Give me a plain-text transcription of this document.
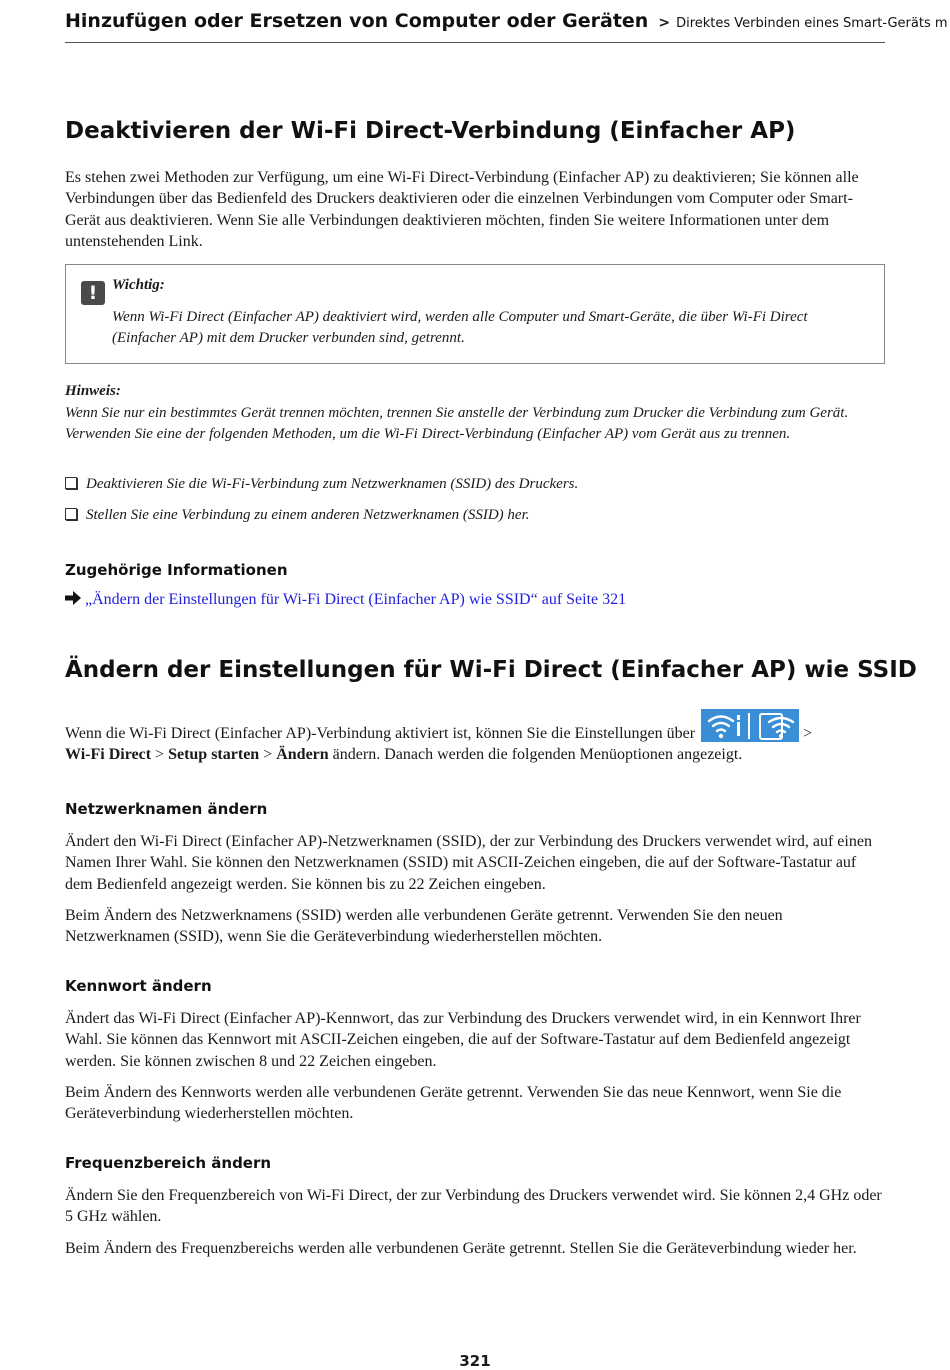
Hinzufügen oder Ersetzen von Computer oder Geräten > Direktes Verbinden eines Smart-Geräts m
Deaktivieren der Wi-Fi Direct-Verbindung (Einfacher AP)

Es stehen zwei Methoden zur Verfügung, um eine Wi-Fi Direct-Verbindung (Einfacher AP) zu deaktivieren; Sie können alle Verbindungen über das Bedienfeld des Druckers deaktivieren oder die einzelnen Verbindungen vom Computer oder Smart-Gerät aus deaktivieren. Wenn Sie alle Verbindungen deaktivieren möchten, finden Sie weitere Informationen unter dem untenstehenden Link.

! Wichtig:

Wenn Wi-Fi Direct (Einfacher AP) deaktiviert wird, werden alle Computer und Smart-Geräte, die über Wi-Fi Direct (Einfacher AP) mit dem Drucker verbunden sind, getrennt.

Hinweis:

Wenn Sie nur ein bestimmtes Gerät trennen möchten, trennen Sie anstelle der Verbindung zum Drucker die Verbindung zum Gerät. Verwenden Sie eine der folgenden Methoden, um die Wi-Fi Direct-Verbindung (Einfacher AP) vom Gerät aus zu trennen.

Deaktivieren Sie die Wi-Fi-Verbindung zum Netzwerknamen (SSID) des Druckers.
Stellen Sie eine Verbindung zu einem anderen Netzwerknamen (SSID) her.
Zugehörige Informationen
„Ändern der Einstellungen für Wi-Fi Direct (Einfacher AP) wie SSID“ auf Seite 321
Ändern der Einstellungen für Wi-Fi Direct (Einfacher AP) wie SSID

Wenn die Wi-Fi Direct (Einfacher AP)-Verbindung aktiviert ist, können Sie die Einstellungen über	>
Wi-Fi Direct > Setup starten > Ändern ändern. Danach werden die folgenden Menüoptionen angezeigt.

Netzwerknamen ändern

Ändert den Wi-Fi Direct (Einfacher AP)-Netzwerknamen (SSID), der zur Verbindung des Druckers verwendet wird, auf einen Namen Ihrer Wahl. Sie können den Netzwerknamen (SSID) mit ASCII-Zeichen eingeben, die auf der Software-Tastatur auf dem Bedienfeld angezeigt werden. Sie können bis zu 22 Zeichen eingeben.

Beim Ändern des Netzwerknamens (SSID) werden alle verbundenen Geräte getrennt. Verwenden Sie den neuen Netzwerknamen (SSID), wenn Sie die Geräteverbindung wiederherstellen möchten.

Kennwort ändern

Ändert das Wi-Fi Direct (Einfacher AP)-Kennwort, das zur Verbindung des Druckers verwendet wird, in ein Kennwort Ihrer Wahl. Sie können das Kennwort mit ASCII-Zeichen eingeben, die auf der Software-Tastatur auf dem Bedienfeld angezeigt werden. Sie können zwischen 8 und 22 Zeichen eingeben.

Beim Ändern des Kennworts werden alle verbundenen Geräte getrennt. Verwenden Sie das neue Kennwort, wenn Sie die Geräteverbindung wiederherstellen möchten.

Frequenzbereich ändern

Ändern Sie den Frequenzbereich von Wi-Fi Direct, der zur Verbindung des Druckers verwendet wird. Sie können 2,4 GHz oder 5 GHz wählen.

Beim Ändern des Frequenzbereichs werden alle verbundenen Geräte getrennt. Stellen Sie die Geräteverbindung wieder her.

321
